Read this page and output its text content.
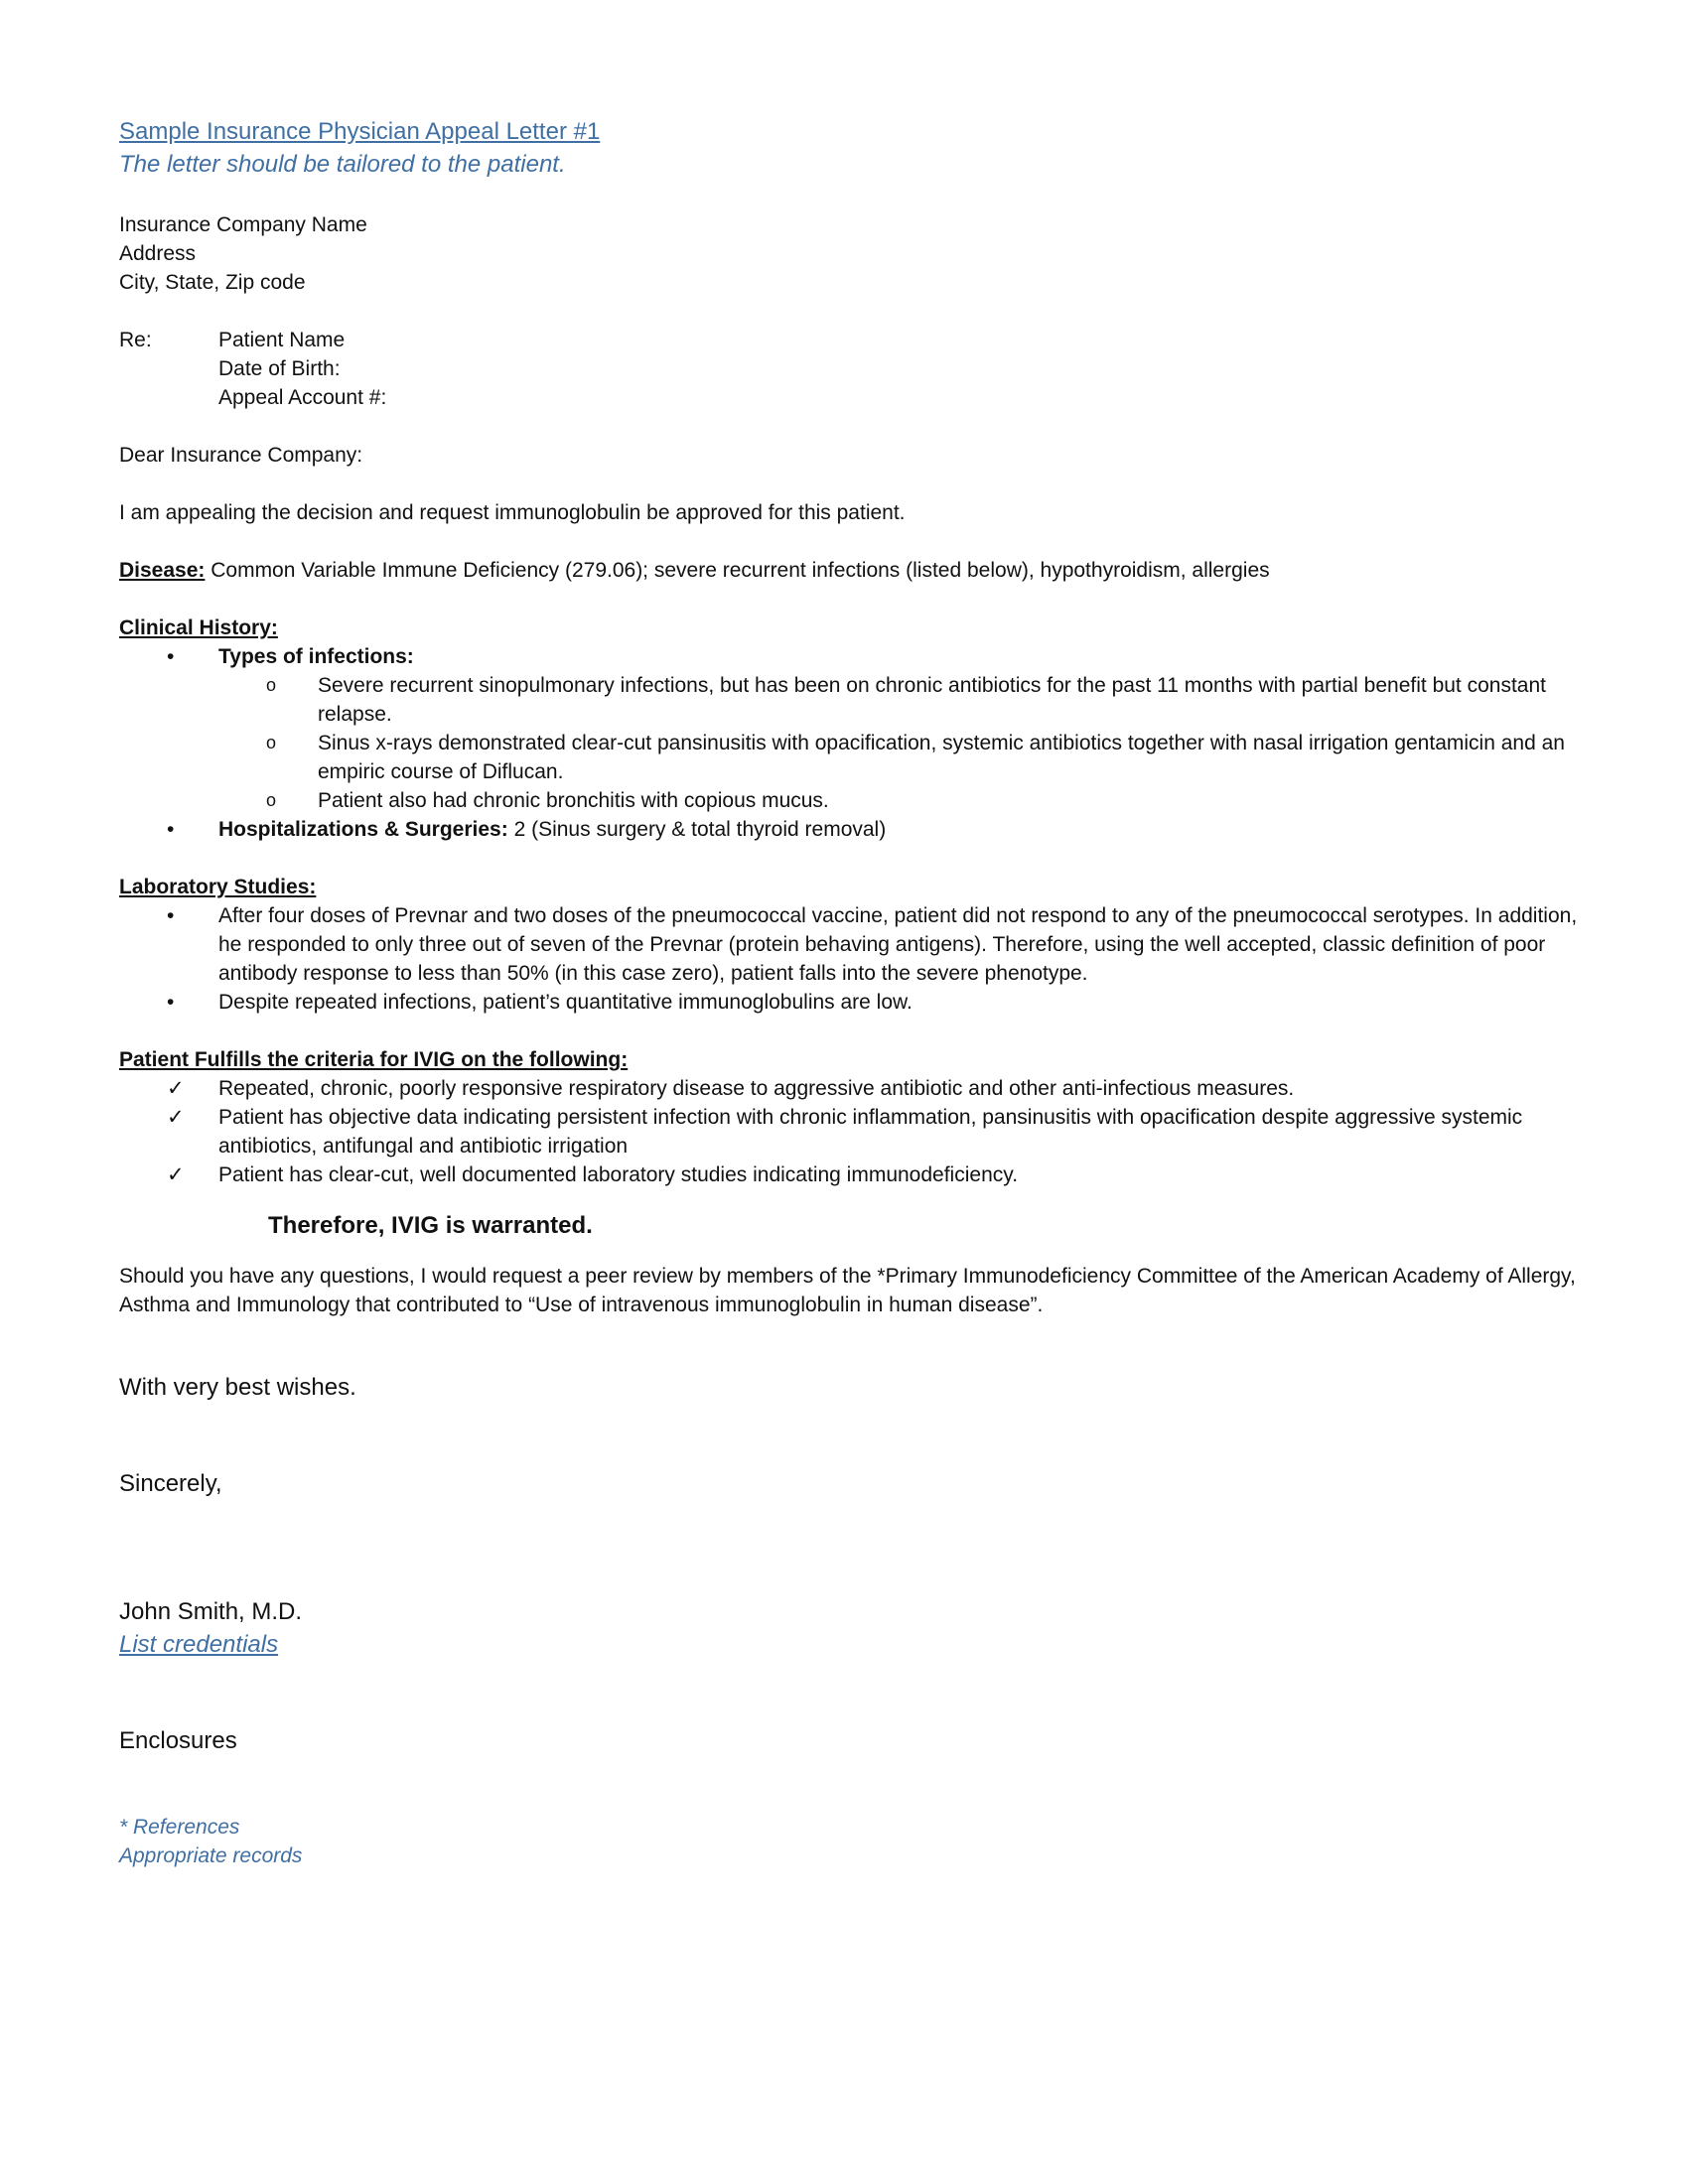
Sample Insurance Physician Appeal Letter #1

The letter should be tailored to the patient.

Insurance Company Name

Address

City, State, Zip code

Re:	Patient Name
Date of Birth:
Appeal Account #:

Dear Insurance Company:

I am appealing the decision and request immunoglobulin be approved for this patient.

Disease: Common Variable Immune Deficiency (279.06); severe recurrent infections (listed below), hypothyroidism, allergies

Clinical History:

•	Types of infections:
o	Severe recurrent sinopulmonary infections, but has been on chronic antibiotics for the past 11 months with partial benefit but constant relapse.
o	Sinus x-rays demonstrated clear-cut pansinusitis with opacification, systemic antibiotics together with nasal irrigation gentamicin and an empiric course of Diflucan.
o	Patient also had chronic bronchitis with copious mucus.
•	Hospitalizations & Surgeries: 2 (Sinus surgery & total thyroid removal)

Laboratory Studies:

•	After four doses of Prevnar and two doses of the pneumococcal vaccine, patient did not respond to any of the pneumococcal serotypes. In addition, he responded to only three out of seven of the Prevnar (protein behaving antigens). Therefore, using the well accepted, classic definition of poor antibody response to less than 50% (in this case zero), patient falls into the severe phenotype.
•	Despite repeated infections, patient’s quantitative immunoglobulins are low.

Patient Fulfills the criteria for IVIG on the following:

✓	Repeated, chronic, poorly responsive respiratory disease to aggressive antibiotic and other anti-infectious measures.
✓	Patient has objective data indicating persistent infection with chronic inflammation, pansinusitis with opacification despite aggressive systemic antibiotics, antifungal and antibiotic irrigation
✓	Patient has clear-cut, well documented laboratory studies indicating immunodeficiency.

Therefore, IVIG is warranted.

Should you have any questions, I would request a peer review by members of the *Primary Immunodeficiency Committee of the American Academy of Allergy, Asthma and Immunology that contributed to “Use of intravenous immunoglobulin in human disease”.

With very best wishes.

Sincerely,

John Smith, M.D.

List credentials

Enclosures

* References

Appropriate records
